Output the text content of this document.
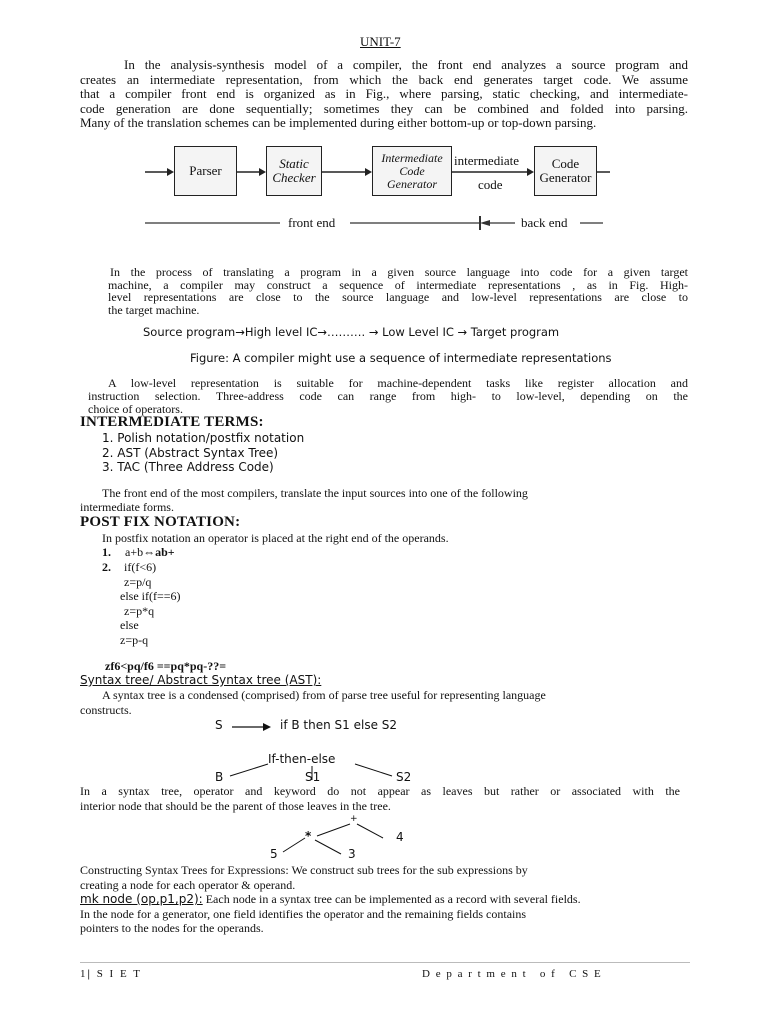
UNIT-7

In the analysis-synthesis model of a compiler, the front end analyzes a source program and

creates an intermediate representation, from which the back end generates target code. We assume

that a compiler front end is organized as in Fig., where parsing, static checking, and intermediate-

code generation are done sequentially; sometimes they can be combined and folded into parsing.

Many of the translation schemes can be implemented during either bottom-up or top-down parsing.

Parser	Static Checker
Intermediate Code Generator
Code Generator
intermediate
code
front end	back end

In the process of translating a program in a given source language into code for a given target

machine, a compiler may construct a sequence of intermediate representations , as in Fig. High-

level representations are close to the source language and low-level representations are close to

the target machine.

Source program→High level IC→………. → Low Level IC → Target program
Figure: A compiler might use a sequence of intermediate representations

A low-level representation is suitable for machine-dependent tasks like register allocation and

instruction selection. Three-address code can range from high- to low-level, depending on the

choice of operators.

INTERMEDIATE TERMS:

1. Polish notation/postfix notation

2. AST (Abstract Syntax Tree)

3. TAC (Three Address Code)

The front end of the most compilers, translate the input sources into one of the following

intermediate forms.

POST FIX NOTATION:
In postfix notation an operator is placed at the right end of the operands.
1. a+b⇔ab+
2.	if(f<6)

z=p/q

else if(f==6)

z=p*q

else

z=p-q

zf6<pq/f6 ==pq*pq-??=
Syntax tree/ Abstract Syntax tree (AST):

A syntax tree is a condensed (comprised) from of parse tree useful for representing language

constructs.

S	if B then S1 else S2
If-then-else
B	S1	S2

In a syntax tree, operator and keyword do not appear as leaves but rather or associated with the

interior node that should be the parent of those leaves in the tree.

+
*	4
5	3

Constructing Syntax Trees for Expressions: We construct sub trees for the sub expressions by

creating a node for each operator & operand.

mk node (op,p1,p2): Each node in a syntax tree can be implemented as a record with several fields.

In the node for a generator, one field identifies the operator and the remaining fields contains

pointers to the nodes for the operands.

1| S I E T	D e p a r t m e n t   o f   C S E
